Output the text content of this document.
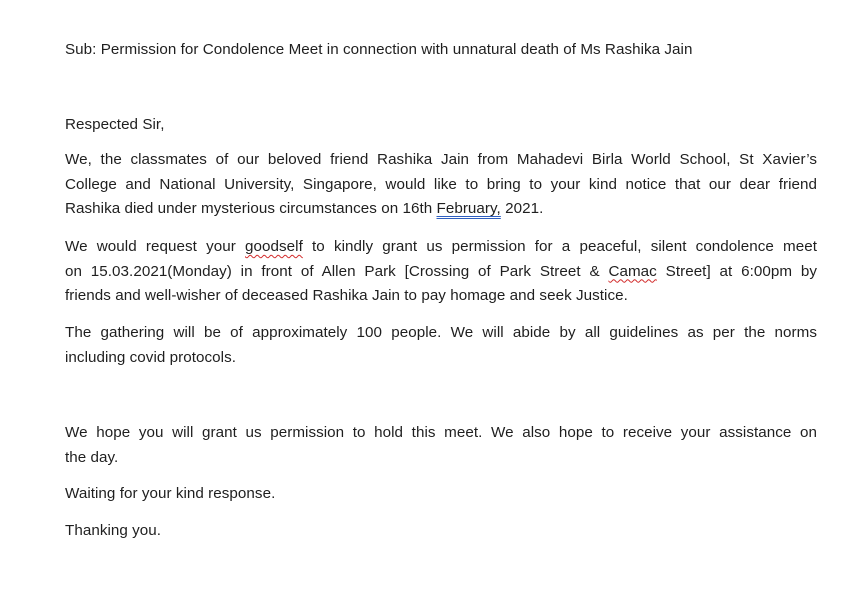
Sub: Permission for Condolence Meet in connection with unnatural death of Ms Rashika Jain

Respected Sir,

We, the classmates of our beloved friend Rashika Jain from Mahadevi Birla World School, St Xavier’s
College and National University, Singapore, would like to bring to your kind notice that our dear friend
Rashika died under mysterious circumstances on 16th February, 2021.

We would request your goodself to kindly grant us permission for a peaceful, silent condolence meet
on 15.03.2021(Monday) in front of Allen Park [Crossing of Park Street & Camac Street] at 6:00pm by
friends and well-wisher of deceased Rashika Jain to pay homage and seek Justice.

The gathering will be of approximately 100 people. We will abide by all guidelines as per the norms
including covid protocols.

We hope you will grant us permission to hold this meet. We also hope to receive your assistance on
the day.

Waiting for your kind response.

Thanking you.
